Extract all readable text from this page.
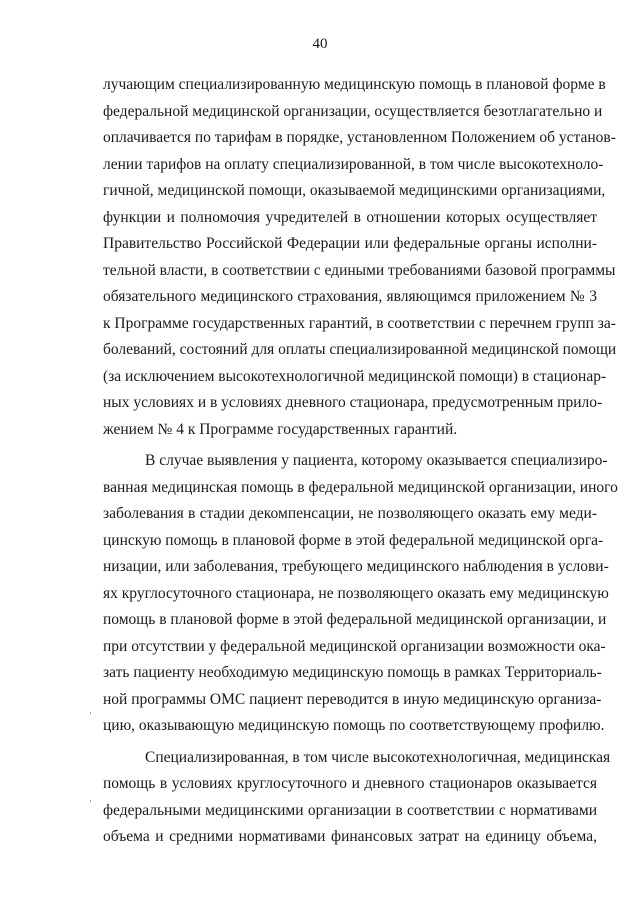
40
лучающим специализированную медицинскую помощь в плановой форме в
федеральной медицинской организации, осуществляется безотлагательно и
оплачивается по тарифам в порядке, установленном Положением об установ-
лении тарифов на оплату специализированной, в том числе высокотехноло-
гичной, медицинской помощи, оказываемой медицинскими организациями,
функции и полномочия учредителей в отношении которых осуществляет
Правительство Российской Федерации или федеральные органы исполни-
тельной власти, в соответствии с едиными требованиями базовой программы
обязательного медицинского страхования, являющимся приложением № 3
к Программе государственных гарантий, в соответствии с перечнем групп за-
болеваний, состояний для оплаты специализированной медицинской помощи
(за исключением высокотехнологичной медицинской помощи) в стационар-
ных условиях и в условиях дневного стационара, предусмотренным прило-
жением № 4 к Программе государственных гарантий.
В случае выявления у пациента, которому оказывается специализиро-
ванная медицинская помощь в федеральной медицинской организации, иного
заболевания в стадии декомпенсации, не позволяющего оказать ему меди-
цинскую помощь в плановой форме в этой федеральной медицинской орга-
низации, или заболевания, требующего медицинского наблюдения в услови-
ях круглосуточного стационара, не позволяющего оказать ему медицинскую
помощь в плановой форме в этой федеральной медицинской организации, и
при отсутствии у федеральной медицинской организации возможности ока-
зать пациенту необходимую медицинскую помощь в рамках Территориаль-
ной программы ОМС пациент переводится в иную медицинскую организа-
цию, оказывающую медицинскую помощь по соответствующему профилю.
Специализированная, в том числе высокотехнологичная, медицинская
помощь в условиях круглосуточного и дневного стационаров оказывается
федеральными медицинскими организации в соответствии с нормативами
объема и средними нормативами финансовых затрат на единицу объема,
